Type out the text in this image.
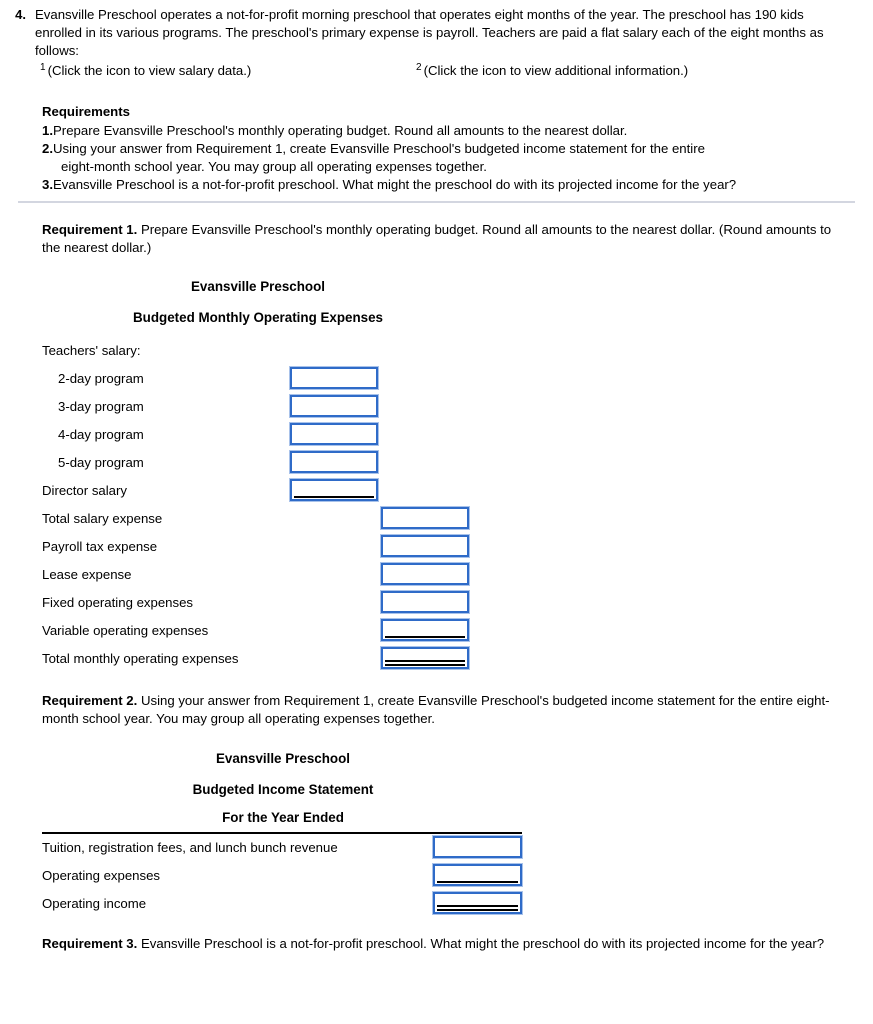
4. Evansville Preschool operates a not-for-profit morning preschool that operates eight months of the year. The preschool has 190 kids enrolled in its various programs. The preschool's primary expense is payroll. Teachers are paid a flat salary each of the eight months as follows:

$^1$ (Click the icon to view salary data.)	$^2$ (Click the icon to view additional information.)
Requirements
1. Prepare Evansville Preschool's monthly operating budget. Round all amounts to the nearest dollar.
2. Using your answer from Requirement 1, create Evansville Preschool's budgeted income statement for the entire
eight-month school year. You may group all operating expenses together.
3. Evansville Preschool is a not-for-profit preschool. What might the preschool do with its projected income for the year?
Requirement 1. Prepare Evansville Preschool's monthly operating budget. Round all amounts to the nearest dollar. (Round amounts to the nearest dollar.)
Evansville Preschool
Budgeted Monthly Operating Expenses
	Teachers' salary:	

	2-day program	

	3-day program	

	4-day program	

	5-day program	

	Director salary	

	Total salary expense		

	Payroll tax expense		

	Lease expense		

	Fixed operating expenses		

	Variable operating expenses		

	Total monthly operating expenses		
Requirement 2. Using your answer from Requirement 1, create Evansville Preschool's budgeted income statement for the entire eight-month school year. You may group all operating expenses together.
Evansville Preschool
Budgeted Income Statement
For the Year Ended
	Tuition, registration fees, and lunch bunch revenue	

	Operating expenses	

	Operating income	
Requirement 3. Evansville Preschool is a not-for-profit preschool. What might the preschool do with its projected income for the year?
